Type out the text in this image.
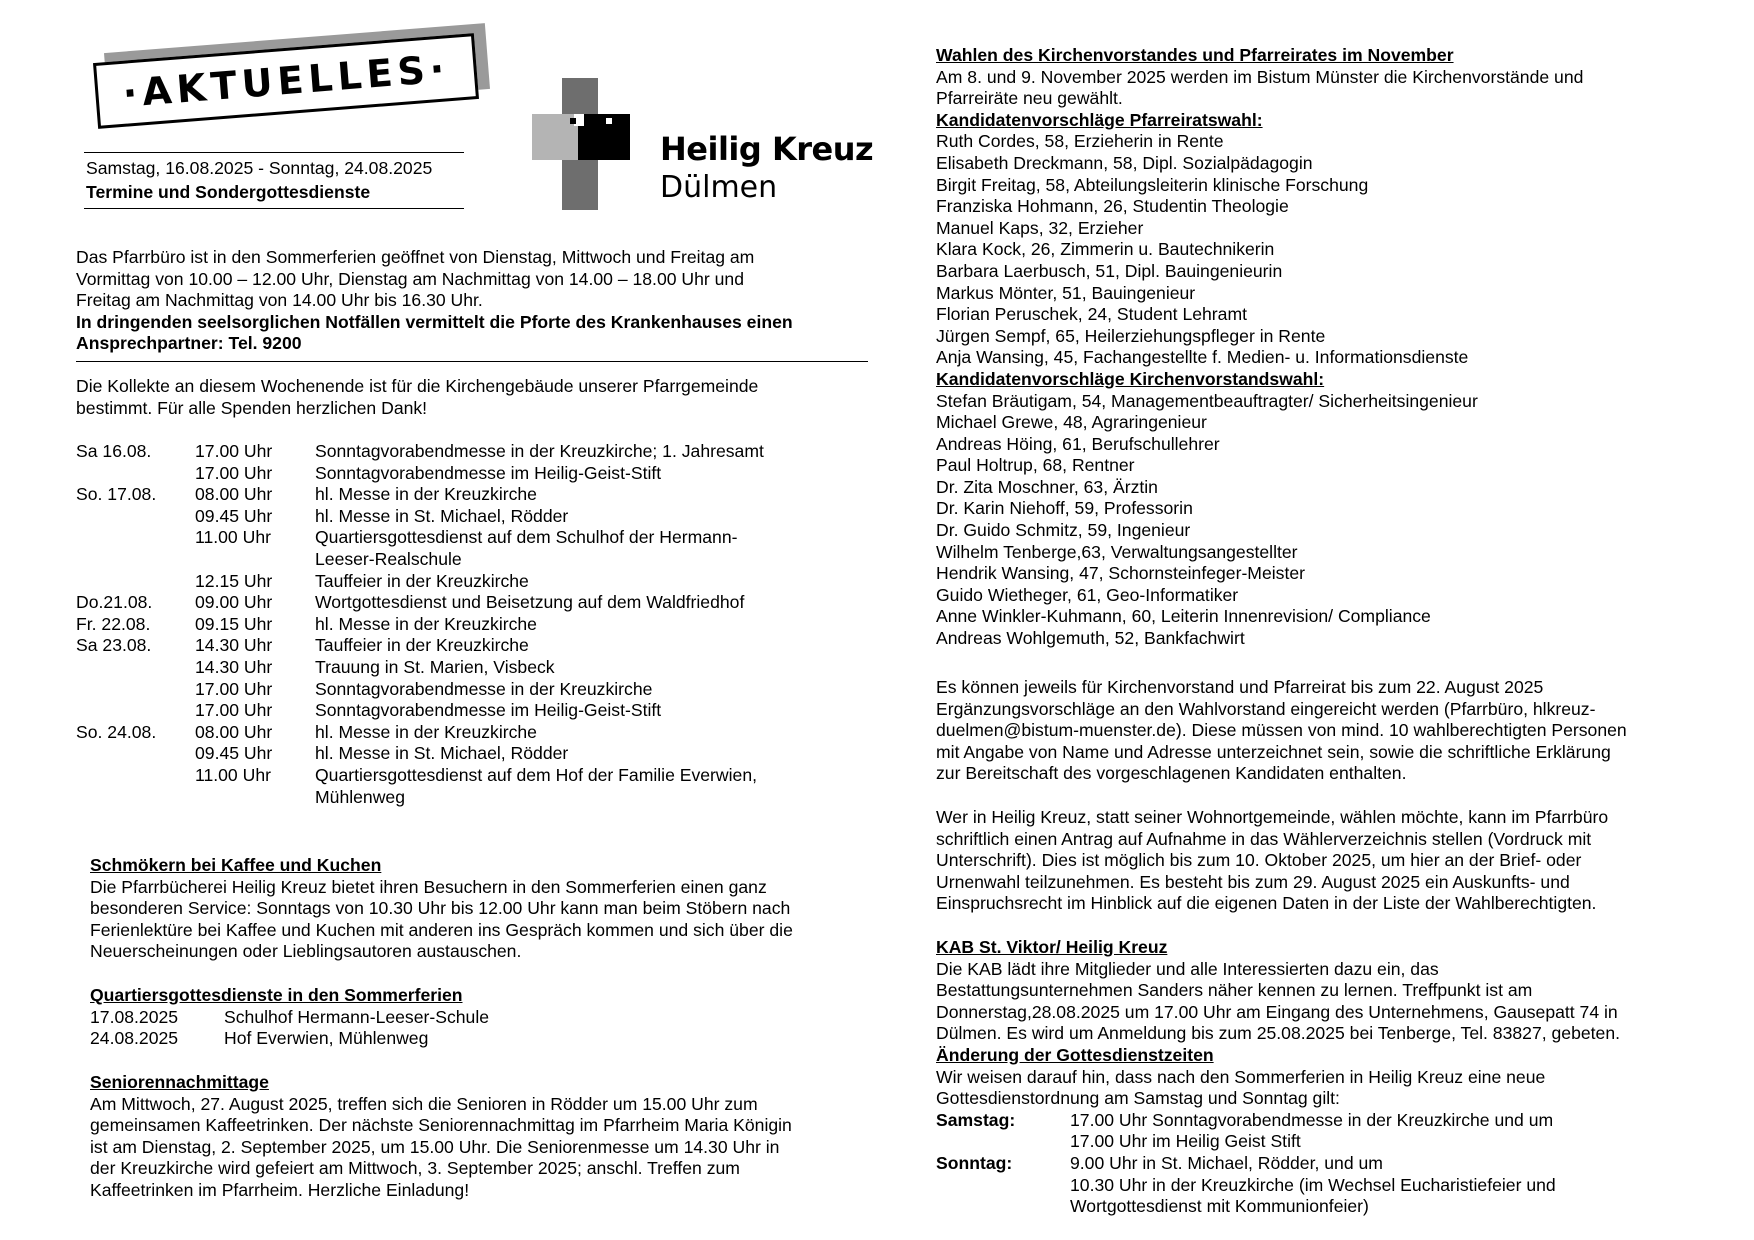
·AKTUELLES·
Heilig Kreuz
Dülmen
Samstag, 16.08.2025 - Sonntag, 24.08.2025
Termine und Sondergottesdienste
Das Pfarrbüro ist in den Sommerferien geöffnet von Dienstag, Mittwoch und Freitag am
Vormittag von 10.00 – 12.00 Uhr, Dienstag am Nachmittag von 14.00 – 18.00 Uhr und
Freitag am Nachmittag von 14.00 Uhr bis 16.30 Uhr.
In dringenden seelsorglichen Notfällen vermittelt die Pforte des Krankenhauses einen
Ansprechpartner: Tel. 9200
Die Kollekte an diesem Wochenende ist für die Kirchengebäude unserer Pfarrgemeinde
bestimmt. Für alle Spenden herzlichen Dank!
Sa 16.08.	17.00 Uhr	Sonntagvorabendmesse in der Kreuzkirche; 1. Jahresamt
17.00 Uhr	Sonntagvorabendmesse im Heilig-Geist-Stift
So. 17.08.	08.00 Uhr	hl. Messe in der Kreuzkirche
09.45 Uhr	hl. Messe in St. Michael, Rödder
11.00 Uhr	Quartiersgottesdienst auf dem Schulhof der Hermann-
Leeser-Realschule
12.15 Uhr	Tauffeier in der Kreuzkirche
Do.21.08.	09.00 Uhr	Wortgottesdienst und Beisetzung auf dem Waldfriedhof
Fr. 22.08.	09.15 Uhr	hl. Messe in der Kreuzkirche
Sa 23.08.	14.30 Uhr	Tauffeier in der Kreuzkirche
14.30 Uhr	Trauung in St. Marien, Visbeck
17.00 Uhr	Sonntagvorabendmesse in der Kreuzkirche
17.00 Uhr	Sonntagvorabendmesse im Heilig-Geist-Stift
So. 24.08.	08.00 Uhr	hl. Messe in der Kreuzkirche
09.45 Uhr	hl. Messe in St. Michael, Rödder
11.00 Uhr	Quartiersgottesdienst auf dem Hof der Familie Everwien,
Mühlenweg
Schmökern bei Kaffee und Kuchen
Die Pfarrbücherei Heilig Kreuz bietet ihren Besuchern in den Sommerferien einen ganz
besonderen Service: Sonntags von 10.30 Uhr bis 12.00 Uhr kann man beim Stöbern nach
Ferienlektüre bei Kaffee und Kuchen mit anderen ins Gespräch kommen und sich über die
Neuerscheinungen oder Lieblingsautoren austauschen.
Quartiersgottesdienste in den Sommerferien
17.08.2025	Schulhof Hermann-Leeser-Schule
24.08.2025	Hof Everwien, Mühlenweg
Seniorennachmittage
Am Mittwoch, 27. August 2025, treffen sich die Senioren in Rödder um 15.00 Uhr zum
gemeinsamen Kaffeetrinken. Der nächste Seniorennachmittag im Pfarrheim Maria Königin
ist am Dienstag, 2. September 2025, um 15.00 Uhr. Die Seniorenmesse um 14.30 Uhr in
der Kreuzkirche wird gefeiert am Mittwoch, 3. September 2025; anschl. Treffen zum
Kaffeetrinken im Pfarrheim. Herzliche Einladung!
Wahlen des Kirchenvorstandes und Pfarreirates im November
Am 8. und 9. November 2025 werden im Bistum Münster die Kirchenvorstände und
Pfarreiräte neu gewählt.
Kandidatenvorschläge Pfarreiratswahl:
Ruth Cordes, 58, Erzieherin in Rente
Elisabeth Dreckmann, 58, Dipl. Sozialpädagogin
Birgit Freitag, 58, Abteilungsleiterin klinische Forschung
Franziska Hohmann, 26, Studentin Theologie
Manuel Kaps, 32, Erzieher
Klara Kock, 26, Zimmerin u. Bautechnikerin
Barbara Laerbusch, 51, Dipl. Bauingenieurin
Markus Mönter, 51, Bauingenieur
Florian Peruschek, 24, Student Lehramt
Jürgen Sempf, 65, Heilerziehungspfleger in Rente
Anja Wansing, 45, Fachangestellte f. Medien- u. Informationsdienste
Kandidatenvorschläge Kirchenvorstandswahl:
Stefan Bräutigam, 54, Managementbeauftragter/ Sicherheitsingenieur
Michael Grewe, 48, Agraringenieur
Andreas Höing, 61, Berufschullehrer
Paul Holtrup, 68, Rentner
Dr. Zita Moschner, 63, Ärztin
Dr. Karin Niehoff, 59, Professorin
Dr. Guido Schmitz, 59, Ingenieur
Wilhelm Tenberge,63, Verwaltungsangestellter
Hendrik Wansing, 47, Schornsteinfeger-Meister
Guido Wietheger, 61, Geo-Informatiker
Anne Winkler-Kuhmann, 60, Leiterin Innenrevision/ Compliance
Andreas Wohlgemuth, 52, Bankfachwirt
Es können jeweils für Kirchenvorstand und Pfarreirat bis zum 22. August 2025
Ergänzungsvorschläge an den Wahlvorstand eingereicht werden (Pfarrbüro, hlkreuz-
duelmen@bistum-muenster.de). Diese müssen von mind. 10 wahlberechtigten Personen
mit Angabe von Name und Adresse unterzeichnet sein, sowie die schriftliche Erklärung
zur Bereitschaft des vorgeschlagenen Kandidaten enthalten.
Wer in Heilig Kreuz, statt seiner Wohnortgemeinde, wählen möchte, kann im Pfarrbüro
schriftlich einen Antrag auf Aufnahme in das Wählerverzeichnis stellen (Vordruck mit
Unterschrift). Dies ist möglich bis zum 10. Oktober 2025, um hier an der Brief- oder
Urnenwahl teilzunehmen. Es besteht bis zum 29. August 2025 ein Auskunfts- und
Einspruchsrecht im Hinblick auf die eigenen Daten in der Liste der Wahlberechtigten.
KAB St. Viktor/ Heilig Kreuz
Die KAB lädt ihre Mitglieder und alle Interessierten dazu ein, das
Bestattungsunternehmen Sanders näher kennen zu lernen. Treffpunkt ist am
Donnerstag,28.08.2025 um 17.00 Uhr am Eingang des Unternehmens, Gausepatt 74 in
Dülmen. Es wird um Anmeldung bis zum 25.08.2025 bei Tenberge, Tel. 83827, gebeten.
Änderung der Gottesdienstzeiten
Wir weisen darauf hin, dass nach den Sommerferien in Heilig Kreuz eine neue
Gottesdienstordnung am Samstag und Sonntag gilt:
Samstag:	17.00 Uhr Sonntagvorabendmesse in der Kreuzkirche und um
17.00 Uhr im Heilig Geist Stift
Sonntag:	9.00 Uhr in St. Michael, Rödder, und um
10.30 Uhr in der Kreuzkirche (im Wechsel Eucharistiefeier und
Wortgottesdienst mit Kommunionfeier)
